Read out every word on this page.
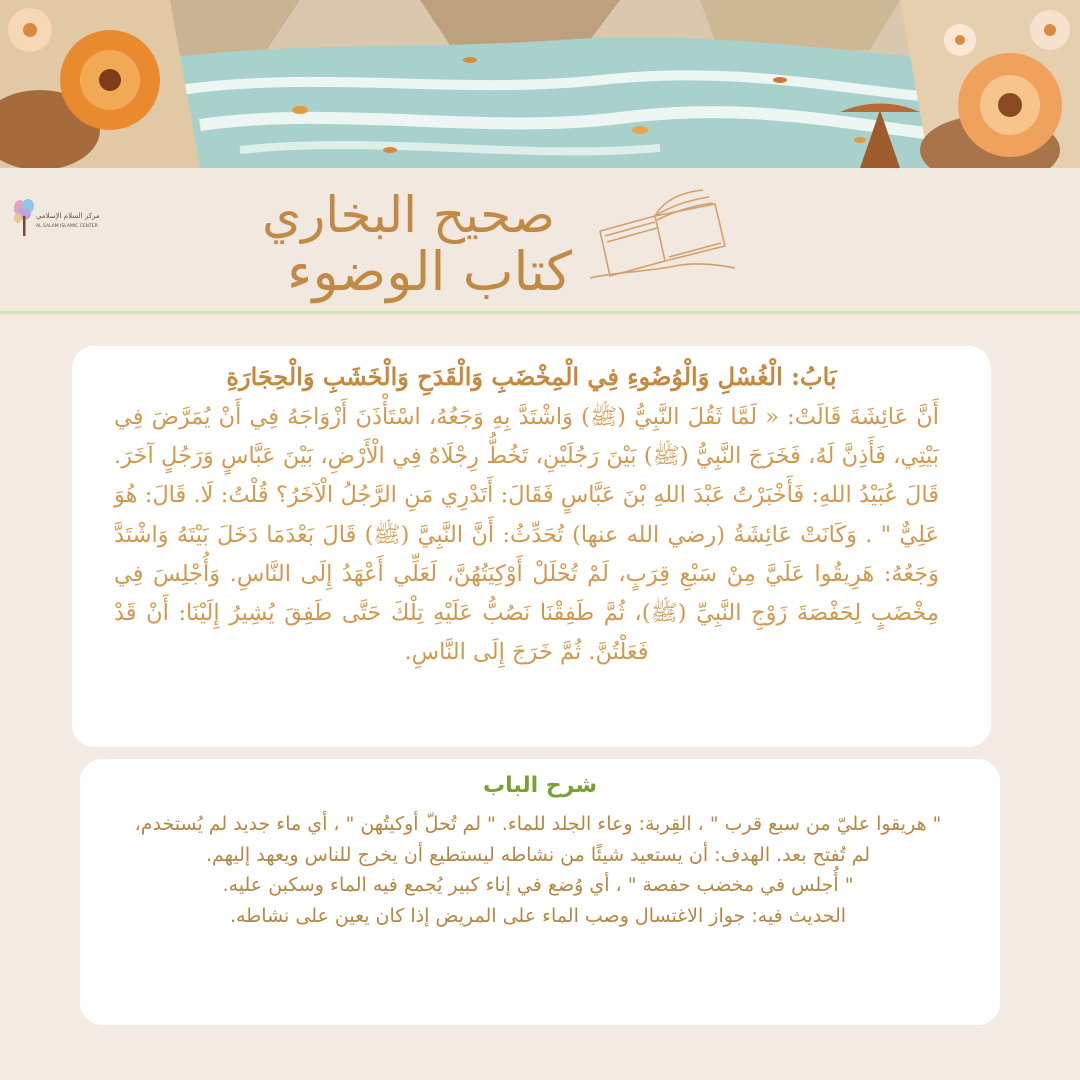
مركز السلام الإسلامي
AL SALAM ISLAMIC CENTER	صحيح البخاري
كتاب الوضوء
بَابُ: الْغُسْلِ وَالْوُضُوءِ فِي الْمِخْضَبِ وَالْقَدَحِ وَالْخَشَبِ وَالْحِجَارَةِ
أَنَّ عَائِشَةَ قَالَتْ: « لَمَّا ثَقُلَ النَّبِيُّ (ﷺ) وَاشْتَدَّ بِهِ وَجَعُهُ، اسْتَأْذَنَ أَزْوَاجَهُ فِي أَنْ يُمَرَّضَ فِي بَيْتِي، فَأَذِنَّ لَهُ، فَخَرَجَ النَّبِيُّ (ﷺ) بَيْنَ رَجُلَيْنِ، تَخُطُّ رِجْلَاهُ فِي الْأَرْضِ، بَيْنَ عَبَّاسٍ وَرَجُلٍ آخَرَ. قَالَ عُبَيْدُ اللهِ: فَأَخْبَرْتُ عَبْدَ اللهِ بْنَ عَبَّاسٍ فَقَالَ: أَتَدْرِي مَنِ الرَّجُلُ الْآخَرُ؟ قُلْتُ: لَا. قَالَ: هُوَ عَلِيٌّ " . وَكَانَتْ عَائِشَةُ (رضي الله عنها) تُحَدِّثُ: أَنَّ النَّبِيَّ (ﷺ) قَالَ بَعْدَمَا دَخَلَ بَيْتَهُ وَاشْتَدَّ وَجَعُهُ: هَرِيقُوا عَلَيَّ مِنْ سَبْعِ قِرَبٍ، لَمْ تُحْلَلْ أَوْكِيَتُهُنَّ، لَعَلِّي أَعْهَدُ إِلَى النَّاسِ. وَأُجْلِسَ فِي مِخْضَبٍ لِحَفْصَةَ زَوْجِ النَّبِيِّ (ﷺ)، ثُمَّ طَفِقْنَا نَصُبُّ عَلَيْهِ تِلْكَ حَتَّى طَفِقَ يُشِيرُ إِلَيْنَا: أَنْ قَدْ فَعَلْتُنَّ. ثُمَّ خَرَجَ إِلَى النَّاسِ.
شرح الباب

" هريقوا عليّ من سبع قرب " ، القِربة: وعاء الجلد للماء. " لم تُحلّ أوكيتُهن " ، أي ماء جديد لم يُستخدم، لم تُفتح بعد. الهدف: أن يستعيد شيئًا من نشاطه ليستطيع أن يخرج للناس ويعهد إليهم.

" أُجلس في مخضب حفصة " ، أي وُضع في إناء كبير يُجمع فيه الماء وسكبن عليه.

الحديث فيه: جواز الاغتسال وصب الماء على المريض إذا كان يعين على نشاطه.
